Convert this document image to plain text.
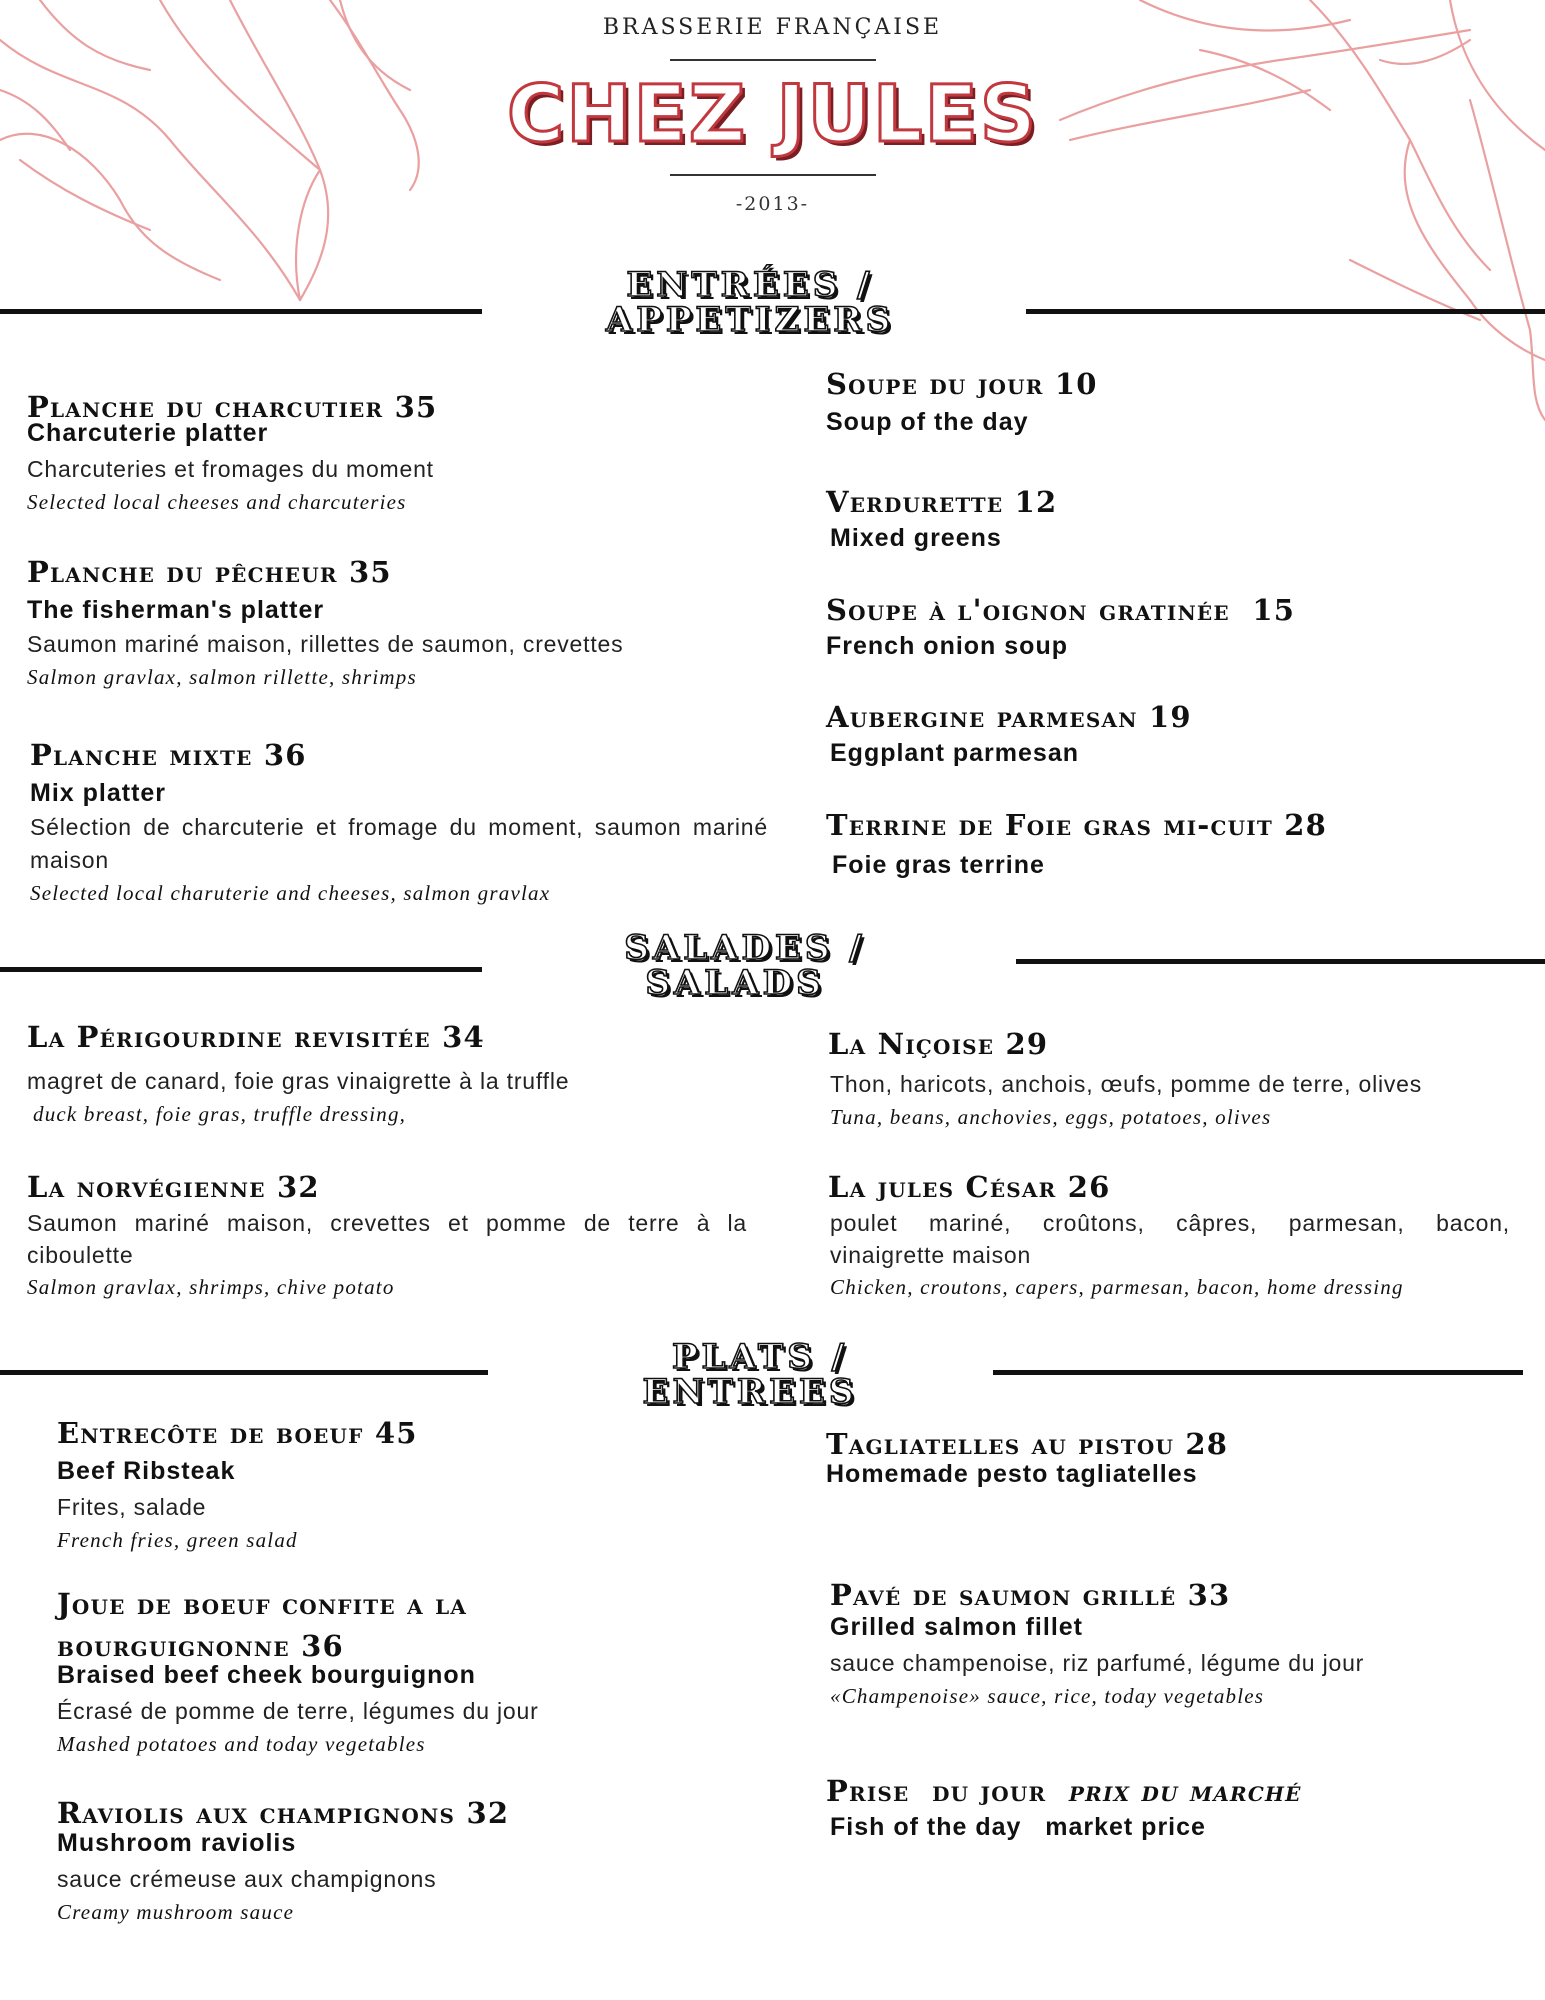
BRASSERIE FRANÇAISE
CHEZ JULES
-2013-
ENTRÉES /
APPETIZERS
Planche du charcutier 35
Charcuterie platter
Charcuteries et fromages du moment
Selected local cheeses and charcuteries
Planche du pêcheur 35
The fisherman's platter
Saumon mariné maison, rillettes de saumon, crevettes
Salmon gravlax, salmon rillette, shrimps
Planche mixte 36
Mix platter
Sélection de charcuterie et fromage du moment, saumon mariné maison
Selected local charuterie and cheeses, salmon gravlax
Soupe du jour 10
Soup of the day
Verdurette 12
Mixed greens
Soupe à l'oignon gratinée  15
French onion soup
Aubergine parmesan 19
Eggplant parmesan
Terrine de Foie gras mi-cuit 28
Foie gras terrine
SALADES /
SALADS
La Périgourdine revisitée 34
magret de canard, foie gras vinaigrette à la truffle
duck breast, foie gras, truffle dressing,
La norvégienne 32
Saumon mariné maison, crevettes et pomme de terre à la ciboulette
Salmon gravlax, shrimps, chive potato
La Niçoise 29
Thon, haricots, anchois, œufs, pomme de terre, olives
Tuna, beans, anchovies, eggs, potatoes, olives
La jules César 26
poulet mariné, croûtons, câpres, parmesan, bacon, vinaigrette maison
Chicken, croutons, capers, parmesan, bacon, home dressing
PLATS /
ENTREES
Entrecôte de boeuf 45
Beef Ribsteak
Frites, salade
French fries, green salad
Joue de boeuf confite a la bourguignonne 36
Braised beef cheek bourguignon
Écrasé de pomme de terre, légumes du jour
Mashed potatoes and today vegetables
Raviolis aux champignons 32
Mushroom raviolis
sauce crémeuse aux champignons
Creamy mushroom sauce
Tagliatelles au pistou 28
Homemade pesto tagliatelles
Pavé de saumon grillé 33
Grilled salmon fillet
sauce champenoise, riz parfumé, légume du jour
«Champenoise» sauce, rice, today vegetables
Prise  du jour prix du marché
Fish of the day   market price
